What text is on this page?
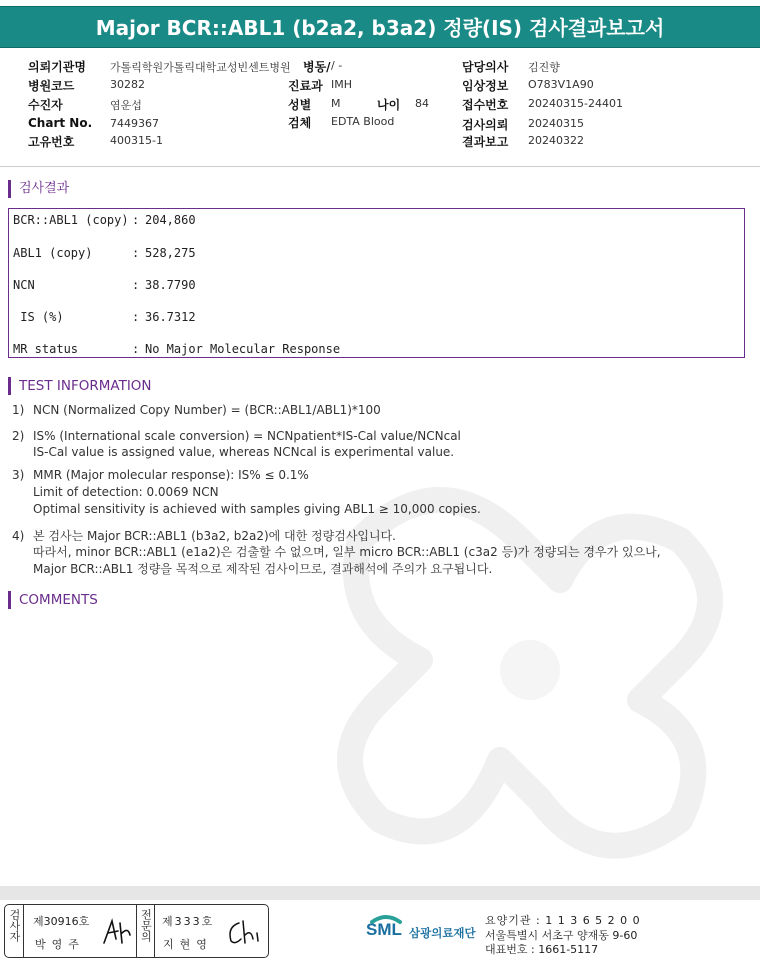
Major BCR::ABL1 (b2a2, b3a2) 정량(IS) 검사결과보고서
의뢰기관명 가톨릭학원가톨릭대학교성빈센트병원	병동/ / -	담당의사 김진향
병원코드	30282	진료과 IMH	임상정보 O783V1A90
수진자	염운섭	성별 M	나이 84	접수번호 20240315-24401
Chart No. 7449367	검체 EDTA Blood	검사의뢰 20240315
고유번호	400315-1	결과보고 20240322
검사결과
BCR::ABL1 (copy) : 204,860
ABL1 (copy)	: 528,275
NCN	: 38.7790
IS (%)	: 36.7312
MR status	: No Major Molecular Response
TEST INFORMATION
1) NCN (Normalized Copy Number) = (BCR::ABL1/ABL1)*100
2) IS% (International scale conversion) = NCNpatient*IS-Cal value/NCNcal
IS-Cal value is assigned value, whereas NCNcal is experimental value.
3) MMR (Major molecular response): IS% ≤ 0.1%
Limit of detection: 0.0069 NCN
Optimal sensitivity is achieved with samples giving ABL1 ≥ 10,000 copies.
4) 본 검사는 Major BCR::ABL1 (b3a2, b2a2)에 대한 정량검사입니다.
따라서, minor BCR::ABL1 (e1a2)은 검출할 수 없으며, 일부 micro BCR::ABL1 (c3a2 등)가 정량되는 경우가 있으나,
Major BCR::ABL1 정량을 목적으로 제작된 검사이므로, 결과해석에 주의가 요구됩니다.
COMMENTS
검사자 제30916호
박영주
전문의 제333호
지현영
SML 삼광의료재단
요양기관 : 1 1 3 6 5 2 0 0
서울특별시 서초구 양재동 9-60
대표번호 : 1661-5117
